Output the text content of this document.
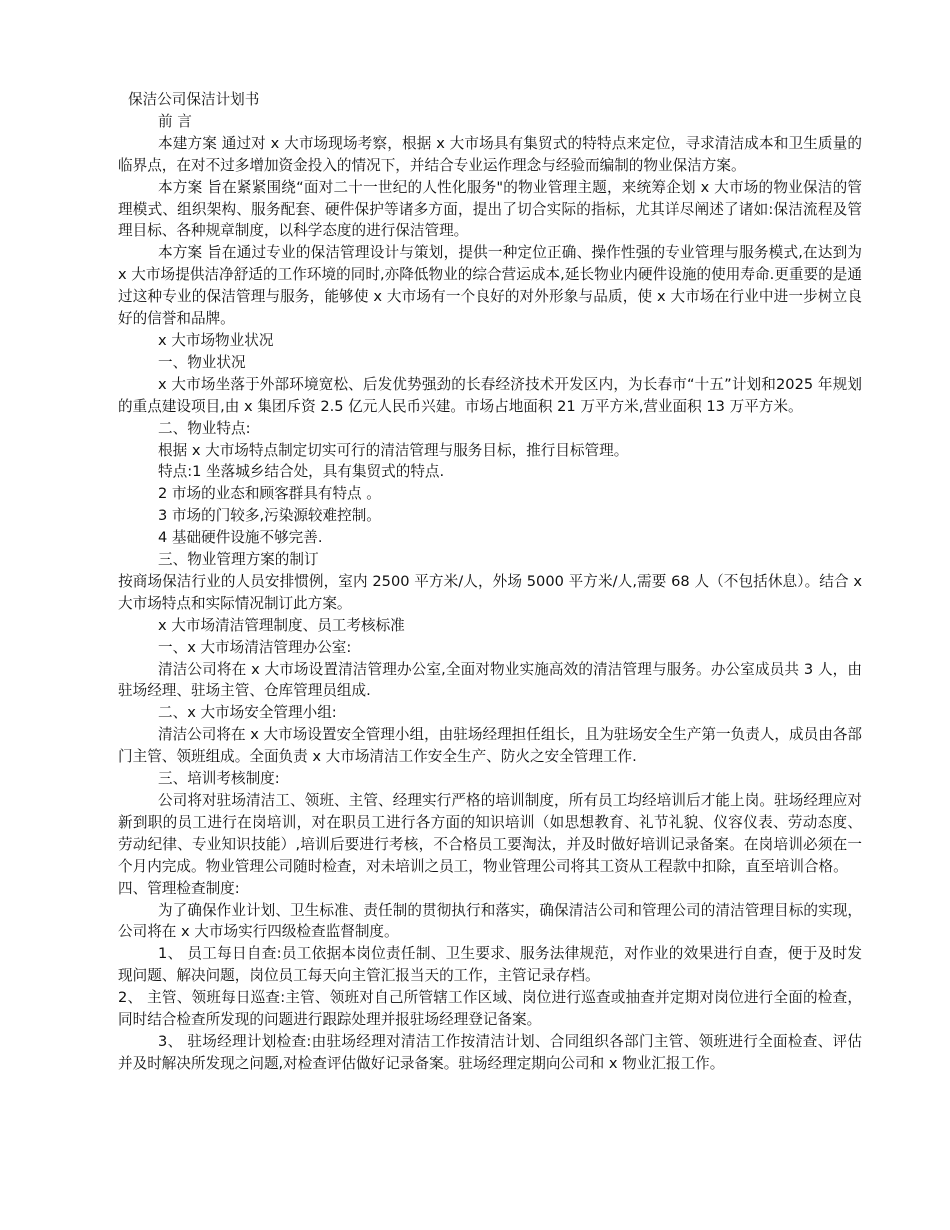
保洁公司保洁计划书
前 言

本建方案 通过对 x 大市场现场考察，根据 x 大市场具有集贸式的特特点来定位，寻求清洁成本和卫生质量的临界点，在对不过多增加资金投入的情况下，并结合专业运作理念与经验而编制的物业保洁方案。

本方案 旨在紧紧围绕“面对二十一世纪的人性化服务"的物业管理主题，来统筹企划 x 大市场的物业保洁的管理模式、组织架构、服务配套、硬件保护等诸多方面，提出了切合实际的指标，尤其详尽阐述了诸如:保洁流程及管理目标、各种规章制度，以科学态度的进行保洁管理。

本方案 旨在通过专业的保洁管理设计与策划，提供一种定位正确、操作性强的专业管理与服务模式,在达到为 x 大市场提供洁净舒适的工作环境的同时,亦降低物业的综合营运成本,延长物业内硬件设施的使用寿命.更重要的是通过这种专业的保洁管理与服务，能够使 x 大市场有一个良好的对外形象与品质，使 x 大市场在行业中进一步树立良好的信誉和品牌。

x 大市场物业状况
一、物业状况

x 大市场坐落于外部环境宽松、后发优势强劲的长春经济技术开发区内，为长春市“十五”计划和2025 年规划的重点建设项目,由 x 集团斥资 2.5 亿元人民币兴建。市场占地面积 21 万平方米,营业面积 13 万平方米。

二、物业特点:
根据 x 大市场特点制定切实可行的清洁管理与服务目标，推行目标管理。
特点:1 坐落城乡结合处，具有集贸式的特点.
2 市场的业态和顾客群具有特点 。
3 市场的门较多,污染源较难控制。
4 基础硬件设施不够完善.
三、物业管理方案的制订

按商场保洁行业的人员安排惯例，室内 2500 平方米/人，外场 5000 平方米/人,需要 68 人（不包括休息）。结合 x 大市场特点和实际情况制订此方案。

x 大市场清洁管理制度、员工考核标准
一、x 大市场清洁管理办公室:

清洁公司将在 x 大市场设置清洁管理办公室,全面对物业实施高效的清洁管理与服务。办公室成员共 3 人，由驻场经理、驻场主管、仓库管理员组成.

二、x 大市场安全管理小组:

清洁公司将在 x 大市场设置安全管理小组，由驻场经理担任组长，且为驻场安全生产第一负责人，成员由各部门主管、领班组成。全面负责 x 大市场清洁工作安全生产、防火之安全管理工作.

三、培训考核制度:

公司将对驻场清洁工、领班、主管、经理实行严格的培训制度，所有员工均经培训后才能上岗。驻场经理应对新到职的员工进行在岗培训，对在职员工进行各方面的知识培训（如思想教育、礼节礼貌、仪容仪表、劳动态度、劳动纪律、专业知识技能）,培训后要进行考核，不合格员工要淘汰，并及时做好培训记录备案。在岗培训必须在一个月内完成。物业管理公司随时检查，对未培训之员工，物业管理公司将其工资从工程款中扣除，直至培训合格。

四、管理检查制度:

为了确保作业计划、卫生标准、责任制的贯彻执行和落实，确保清洁公司和管理公司的清洁管理目标的实现，公司将在 x 大市场实行四级检查监督制度。

1、 员工每日自查:员工依据本岗位责任制、卫生要求、服务法律规范，对作业的效果进行自查，便于及时发现问题、解决问题，岗位员工每天向主管汇报当天的工作，主管记录存档。

2、 主管、领班每日巡查:主管、领班对自己所管辖工作区域、岗位进行巡查或抽查并定期对岗位进行全面的检查，同时结合检查所发现的问题进行跟踪处理并报驻场经理登记备案。

3、 驻场经理计划检查:由驻场经理对清洁工作按清洁计划、合同组织各部门主管、领班进行全面检查、评估并及时解决所发现之问题,对检查评估做好记录备案。驻场经理定期向公司和 x 物业汇报工作。
